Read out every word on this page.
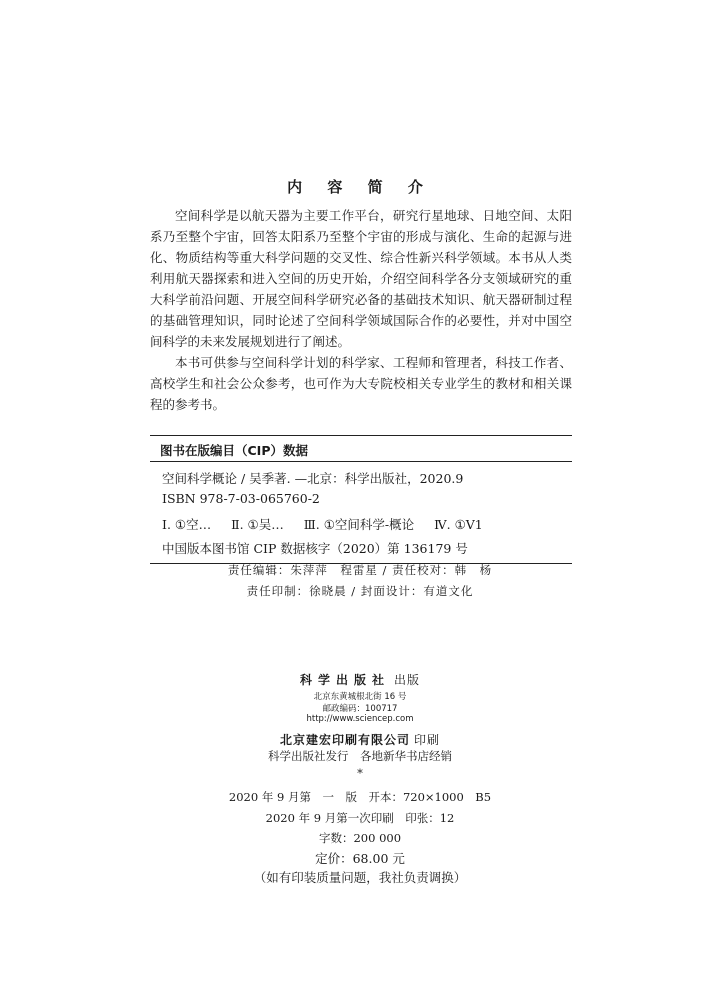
内 容 简 介

空间科学是以航天器为主要工作平台，研究行星地球、日地空间、太阳系乃至整个宇宙，回答太阳系乃至整个宇宙的形成与演化、生命的起源与进化、物质结构等重大科学问题的交叉性、综合性新兴科学领域。本书从人类利用航天器探索和进入空间的历史开始，介绍空间科学各分支领域研究的重大科学前沿问题、开展空间科学研究必备的基础技术知识、航天器研制过程的基础管理知识，同时论述了空间科学领域国际合作的必要性，并对中国空间科学的未来发展规划进行了阐述。

本书可供参与空间科学计划的科学家、工程师和管理者，科技工作者、高校学生和社会公众参考，也可作为大专院校相关专业学生的教材和相关课程的参考书。

图书在版编目（CIP）数据
空间科学概论 / 吴季著. —北京：科学出版社，2020.9
ISBN 978-7-03-065760-2
Ⅰ. ①空… Ⅱ. ①吴… Ⅲ. ①空间科学-概论 Ⅳ. ①V1
中国版本图书馆 CIP 数据核字（2020）第 136179 号
责任编辑：朱萍萍　程雷星 / 责任校对：韩　杨
责任印制：徐晓晨 / 封面设计：有道文化
科学出版社 出版
北京东黄城根北街 16 号
邮政编码：100717
http://www.sciencep.com
北京建宏印刷有限公司 印刷
科学出版社发行　各地新华书店经销
*
2020 年 9 月第　一　版　开本：720×1000　B5
2020 年 9 月第一次印刷　印张：12
字数：200 000
定价：68.00 元
（如有印装质量问题，我社负责调换）
